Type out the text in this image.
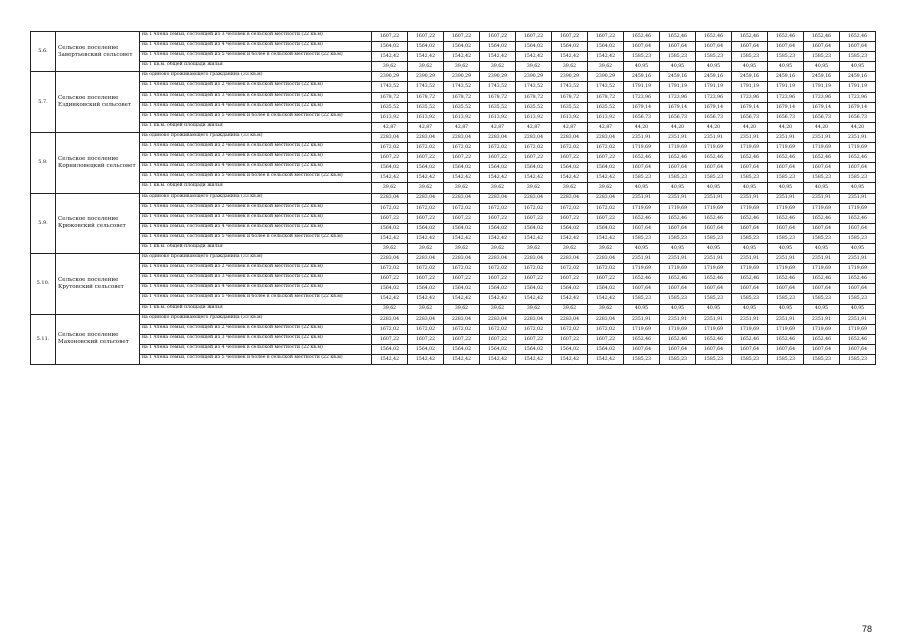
5.6.	Сельское поселение Завертьевский сельсовет	на 1 члена семьи, состоящей из 3 человек в сельской местности (22 кв.м)	1607,22	1607,22	1607,22	1607,22	1607,22	1607,22	1607,22	1652,46	1652,46	1652,46	1652,46	1652,46	1652,46	1652,46
		на 1 члена семьи, состоящей из 4 человек в сельской местности (22 кв.м)	1564,02	1564,02	1564,02	1564,02	1564,02	1564,02	1564,02	1607,64	1607,64	1607,64	1607,64	1607,64	1607,64	1607,64
		на 1 члена семьи, состоящей из 5 человек и более в сельской местности (22 кв.м)	1542,42	1542,42	1542,42	1542,42	1542,42	1542,42	1542,42	1585,23	1585,23	1585,23	1585,23	1585,23	1585,23	1585,23
		на 1 кв.м. общей площади жилья	39,62	39,62	39,62	39,62	39,62	39,62	39,62	40,95	40,95	40,95	40,95	40,95	40,95	40,95
5.7.	Сельское поселение Ездинковский сельсовет	на одиноко проживающего гражданина (33 кв.м)	2390,29	2390,29	2390,29	2390,29	2390,29	2390,29	2390,29	2459,16	2459,16	2459,16	2459,16	2459,16	2459,16	2459,16
		на 1 члена семьи, состоящей из 2 человек в сельской местности (22 кв.м)	1743,52	1743,52	1743,52	1743,52	1743,52	1743,52	1743,52	1791,19	1791,19	1791,19	1791,19	1791,19	1791,19	1791,19
		на 1 члена семьи, состоящей из 3 человек в сельской местности (22 кв.м)	1678,72	1678,72	1678,72	1678,72	1678,72	1678,72	1678,72	1723,96	1723,96	1723,96	1723,96	1723,96	1723,96	1723,96
		на 1 члена семьи, состоящей из 4 человек в сельской местности (22 кв.м)	1635,52	1635,52	1635,52	1635,52	1635,52	1635,52	1635,52	1679,14	1679,14	1679,14	1679,14	1679,14	1679,14	1679,14
		на 1 члена семьи, состоящей из 5 человек и более в сельской местности (22 кв.м)	1613,92	1613,92	1613,92	1613,92	1613,92	1613,92	1613,92	1656,73	1656,73	1656,73	1656,73	1656,73	1656,73	1656,73
		на 1 кв.м. общей площади жилья	42,87	42,87	42,87	42,87	42,87	42,87	42,87	44,20	44,20	44,20	44,20	44,20	44,20	44,20
5.8.	Сельское поселение Корниловецкий сельсовет	на одиноко проживающего гражданина (33 кв.м)	2283,04	2283,04	2283,04	2283,04	2283,04	2283,04	2283,04	2351,91	2351,91	2351,91	2351,91	2351,91	2351,91	2351,91
		на 1 члена семьи, состоящей из 2 человек в сельской местности (22 кв.м)	1672,02	1672,02	1672,02	1672,02	1672,02	1672,02	1672,02	1719,69	1719,69	1719,69	1719,69	1719,69	1719,69	1719,69
		на 1 члена семьи, состоящей из 3 человек в сельской местности (22 кв.м)	1607,22	1607,22	1607,22	1607,22	1607,22	1607,22	1607,22	1652,46	1652,46	1652,46	1652,46	1652,46	1652,46	1652,46
		на 1 члена семьи, состоящей из 4 человек в сельской местности (22 кв.м)	1564,02	1564,02	1564,02	1564,02	1564,02	1564,02	1564,02	1607,64	1607,64	1607,64	1607,64	1607,64	1607,64	1607,64
		на 1 члена семьи, состоящей из 5 человек и более в сельской местности (22 кв.м)	1542,42	1542,42	1542,42	1542,42	1542,42	1542,42	1542,42	1585,23	1585,23	1585,23	1585,23	1585,23	1585,23	1585,23
		на 1 кв.м. общей площади жилья	39,62	39,62	39,62	39,62	39,62	39,62	39,62	40,95	40,95	40,95	40,95	40,95	40,95	40,95
5.9.	Сельское поселение Крюковский сельсовет	на одиноко проживающего гражданина (33 кв.м)	2283,04	2283,04	2283,04	2283,04	2283,04	2283,04	2283,04	2351,91	2351,91	2351,91	2351,91	2351,91	2351,91	2351,91
		на 1 члена семьи, состоящей из 2 человек в сельской местности (22 кв.м)	1672,02	1672,02	1672,02	1672,02	1672,02	1672,02	1672,02	1719,69	1719,69	1719,69	1719,69	1719,69	1719,69	1719,69
		на 1 члена семьи, состоящей из 3 человек в сельской местности (22 кв.м)	1607,22	1607,22	1607,22	1607,22	1607,22	1607,22	1607,22	1652,46	1652,46	1652,46	1652,46	1652,46	1652,46	1652,46
		на 1 члена семьи, состоящей из 4 человек в сельской местности (22 кв.м)	1564,02	1564,02	1564,02	1564,02	1564,02	1564,02	1564,02	1607,64	1607,64	1607,64	1607,64	1607,64	1607,64	1607,64
		на 1 члена семьи, состоящей из 5 человек и более в сельской местности (22 кв.м)	1542,42	1542,42	1542,42	1542,42	1542,42	1542,42	1542,42	1585,23	1585,23	1585,23	1585,23	1585,23	1585,23	1585,23
		на 1 кв.м. общей площади жилья	39,62	39,62	39,62	39,62	39,62	39,62	39,62	40,95	40,95	40,95	40,95	40,95	40,95	40,95
5.10.	Сельское поселение Крутовский сельсовет	на одиноко проживающего гражданина (33 кв.м)	2283,04	2283,04	2283,04	2283,04	2283,04	2283,04	2283,04	2351,91	2351,91	2351,91	2351,91	2351,91	2351,91	2351,91
		на 1 члена семьи, состоящей из 2 человек в сельской местности (22 кв.м)	1672,02	1672,02	1672,02	1672,02	1672,02	1672,02	1672,02	1719,69	1719,69	1719,69	1719,69	1719,69	1719,69	1719,69
		на 1 члена семьи, состоящей из 3 человек в сельской местности (22 кв.м)	1607,22	1607,22	1607,22	1607,22	1607,22	1607,22	1607,22	1652,46	1652,46	1652,46	1652,46	1652,46	1652,46	1652,46
		на 1 члена семьи, состоящей из 4 человек в сельской местности (22 кв.м)	1564,02	1564,02	1564,02	1564,02	1564,02	1564,02	1564,02	1607,64	1607,64	1607,64	1607,64	1607,64	1607,64	1607,64
		на 1 члена семьи, состоящей из 5 человек и более в сельской местности (22 кв.м)	1542,42	1542,42	1542,42	1542,42	1542,42	1542,42	1542,42	1585,23	1585,23	1585,23	1585,23	1585,23	1585,23	1585,23
		на 1 кв.м. общей площади жилья	39,62	39,62	39,62	39,62	39,62	39,62	39,62	40,95	40,95	40,95	40,95	40,95	40,95	40,95
5.11.	Сельское поселение Махоновский сельсовет	на одиноко проживающего гражданина (33 кв.м)	2283,04	2283,04	2283,04	2283,04	2283,04	2283,04	2283,04	2351,91	2351,91	2351,91	2351,91	2351,91	2351,91	2351,91
		на 1 члена семьи, состоящей из 2 человек в сельской местности (22 кв.м)	1672,02	1672,02	1672,02	1672,02	1672,02	1672,02	1672,02	1719,69	1719,69	1719,69	1719,69	1719,69	1719,69	1719,69
		на 1 члена семьи, состоящей из 3 человек в сельской местности (22 кв.м)	1607,22	1607,22	1607,22	1607,22	1607,22	1607,22	1607,22	1652,46	1652,46	1652,46	1652,46	1652,46	1652,46	1652,46
		на 1 члена семьи, состоящей из 4 человек в сельской местности (22 кв.м)	1564,02	1564,02	1564,02	1564,02	1564,02	1564,02	1564,02	1607,64	1607,64	1607,64	1607,64	1607,64	1607,64	1607,64
		на 1 члена семьи, состоящей из 5 человек и более в сельской местности (22 кв.м)	1542,42	1542,42	1542,42	1542,42	1542,42	1542,42	1542,42	1585,23	1585,23	1585,23	1585,23	1585,23	1585,23	1585,23
78
